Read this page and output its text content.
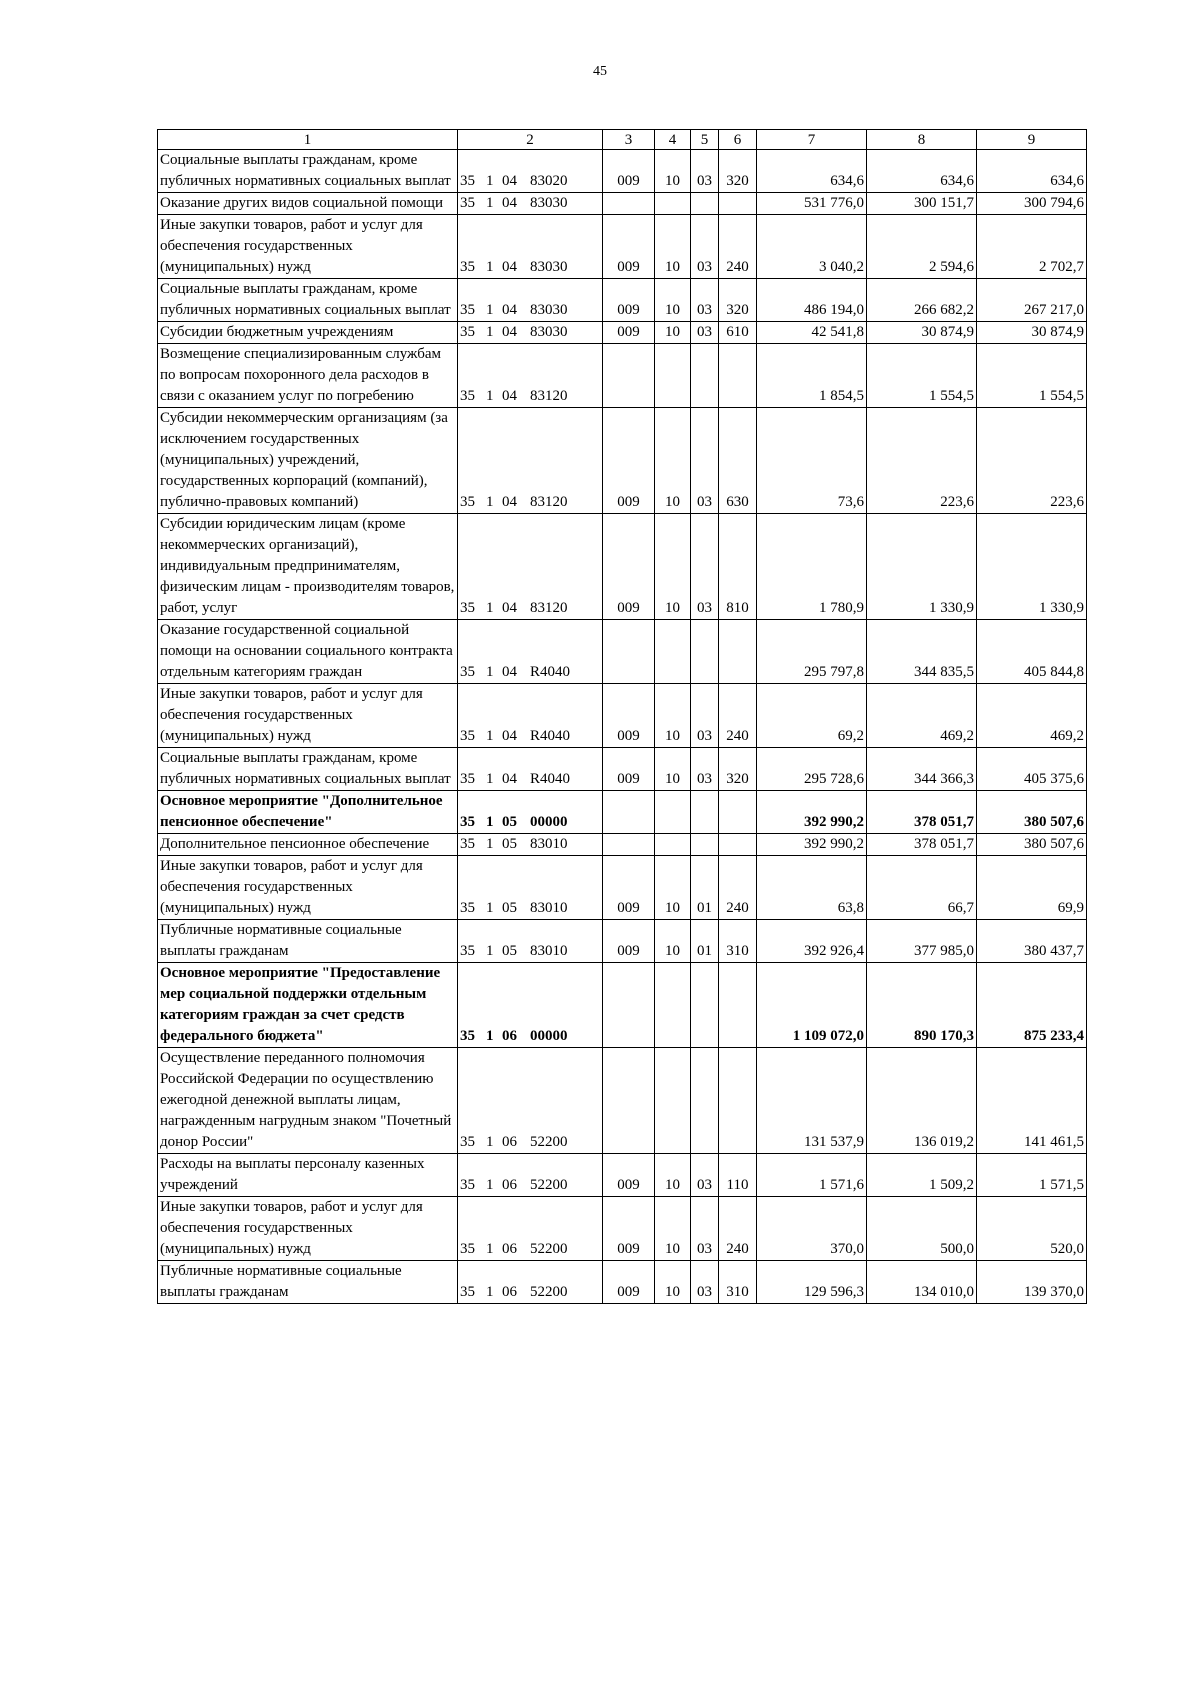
45
1	2	3	4	5	6	7	8	9
Социальные выплаты гражданам, кроме публичных нормативных социальных выплат	35 1 04 83020	009	10	03	320	634,6	634,6	634,6
Оказание других видов социальной помощи	35 1 04 83030					531 776,0	300 151,7	300 794,6
Иные закупки товаров, работ и услуг для обеспечения государственных (муниципальных) нужд	35 1 04 83030	009	10	03	240	3 040,2	2 594,6	2 702,7
Социальные выплаты гражданам, кроме публичных нормативных социальных выплат	35 1 04 83030	009	10	03	320	486 194,0	266 682,2	267 217,0
Субсидии бюджетным учреждениям	35 1 04 83030	009	10	03	610	42 541,8	30 874,9	30 874,9
Возмещение специализированным службам по вопросам похоронного дела расходов в связи с оказанием услуг по погребению	35 1 04 83120					1 854,5	1 554,5	1 554,5
Субсидии некоммерческим организациям (за исключением государственных (муниципальных) учреждений, государственных корпораций (компаний), публично-правовых компаний)	35 1 04 83120	009	10	03	630	73,6	223,6	223,6
Субсидии юридическим лицам (кроме некоммерческих организаций), индивидуальным предпринимателям, физическим лицам - производителям товаров, работ, услуг	35 1 04 83120	009	10	03	810	1 780,9	1 330,9	1 330,9
Оказание государственной социальной помощи на основании социального контракта отдельным категориям граждан	35 1 04 R4040					295 797,8	344 835,5	405 844,8
Иные закупки товаров, работ и услуг для обеспечения государственных (муниципальных) нужд	35 1 04 R4040	009	10	03	240	69,2	469,2	469,2
Социальные выплаты гражданам, кроме публичных нормативных социальных выплат	35 1 04 R4040	009	10	03	320	295 728,6	344 366,3	405 375,6
Основное мероприятие "Дополнительное пенсионное обеспечение"	35 1 05 00000					392 990,2	378 051,7	380 507,6
Дополнительное пенсионное обеспечение	35 1 05 83010					392 990,2	378 051,7	380 507,6
Иные закупки товаров, работ и услуг для обеспечения государственных (муниципальных) нужд	35 1 05 83010	009	10	01	240	63,8	66,7	69,9
Публичные нормативные социальные выплаты гражданам	35 1 05 83010	009	10	01	310	392 926,4	377 985,0	380 437,7
Основное мероприятие "Предоставление мер социальной поддержки отдельным категориям граждан за счет средств федерального бюджета"	35 1 06 00000					1 109 072,0	890 170,3	875 233,4
Осуществление переданного полномочия Российской Федерации по осуществлению ежегодной денежной выплаты лицам, награжденным нагрудным знаком "Почетный донор России"	35 1 06 52200					131 537,9	136 019,2	141 461,5
Расходы на выплаты персоналу казенных учреждений	35 1 06 52200	009	10	03	110	1 571,6	1 509,2	1 571,5
Иные закупки товаров, работ и услуг для обеспечения государственных (муниципальных) нужд	35 1 06 52200	009	10	03	240	370,0	500,0	520,0
Публичные нормативные социальные выплаты гражданам	35 1 06 52200	009	10	03	310	129 596,3	134 010,0	139 370,0
